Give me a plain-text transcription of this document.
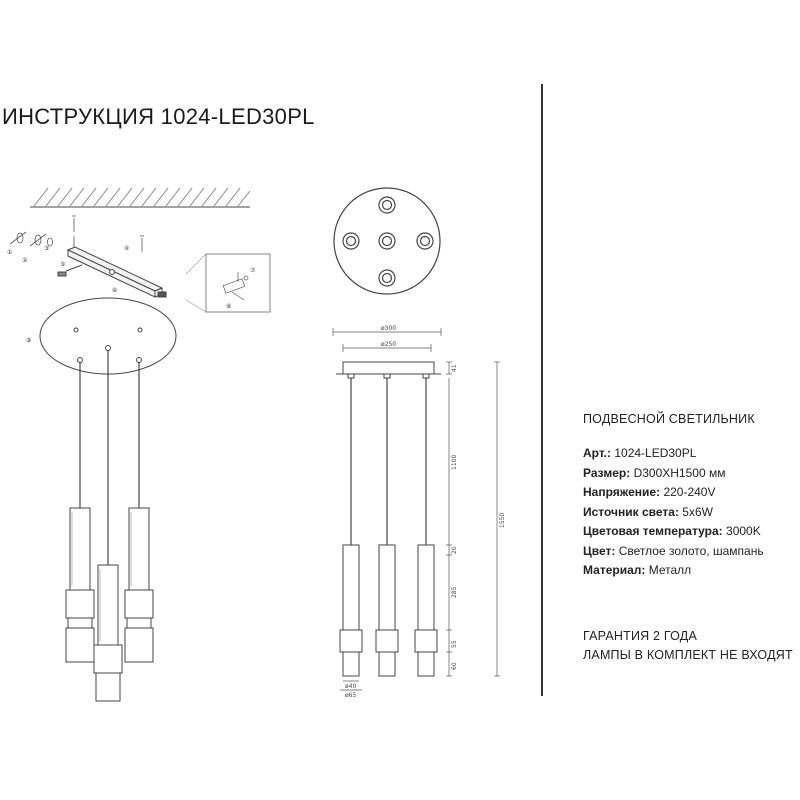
ИНСТРУКЦИЯ 1024-LED30PL
①
②
③	④
⑤
⑥
⑦
⑧
⑨
ø300
ø250
41
1100
20
285
55
60
1550
ø40
ø65
ПОДВЕСНОЙ СВЕТИЛЬНИК
Арт.: 1024-LED30PL
Размер: D300XH1500 мм
Напряжение: 220-240V
Источник света: 5х6W
Цветовая температура: 3000K
Цвет: Светлое золото, шампань
Материал: Металл
ГАРАНТИЯ 2 ГОДА
ЛАМПЫ В КОМПЛЕКТ НЕ ВХОДЯТ
